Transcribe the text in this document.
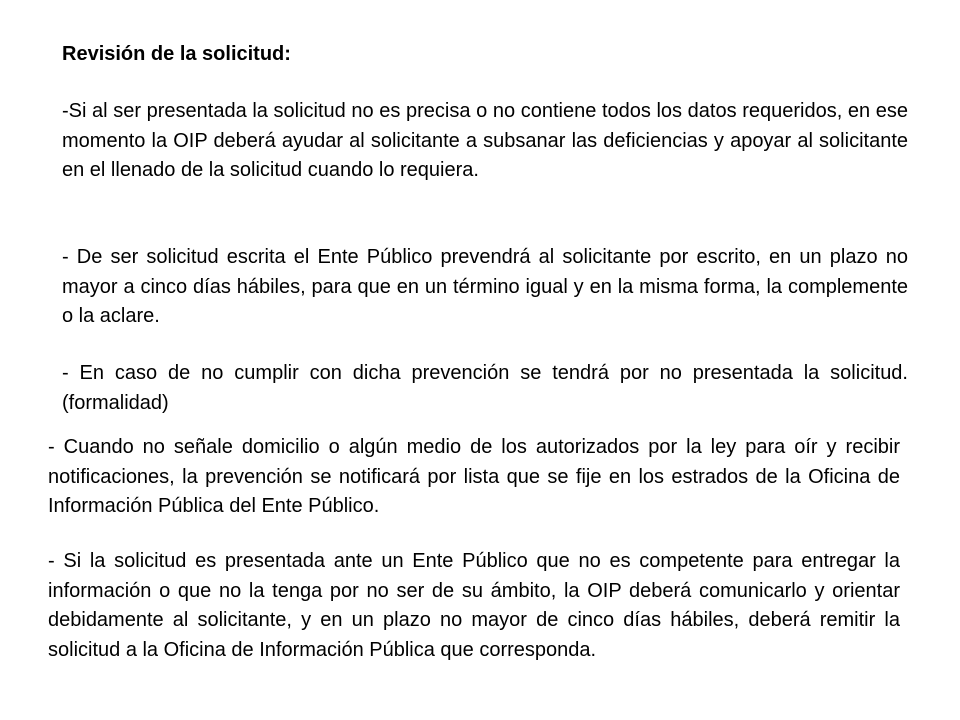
Revisión de la solicitud:

-Si al ser presentada la solicitud no es precisa o no contiene todos los datos requeridos, en ese momento la OIP deberá ayudar al solicitante a subsanar las deficiencias y apoyar al solicitante en el llenado de la solicitud cuando lo requiera.

- De ser solicitud escrita el Ente Público prevendrá al solicitante por escrito, en un plazo no mayor a cinco días hábiles, para que en un término igual y en la misma forma, la complemente o la aclare.

- En caso de no cumplir con dicha prevención se tendrá por no presentada la solicitud. (formalidad)

- Cuando no señale domicilio o algún medio de los autorizados por la ley para oír y recibir notificaciones, la prevención se notificará por lista que se fije en los estrados de la Oficina de Información Pública del Ente Público.

- Si la solicitud es presentada ante un Ente Público que no es competente para entregar la información o que no la tenga por no ser de su ámbito, la OIP deberá comunicarlo y orientar debidamente al solicitante, y en un plazo no mayor de cinco días hábiles, deberá remitir la solicitud a la Oficina de Información Pública que corresponda.
